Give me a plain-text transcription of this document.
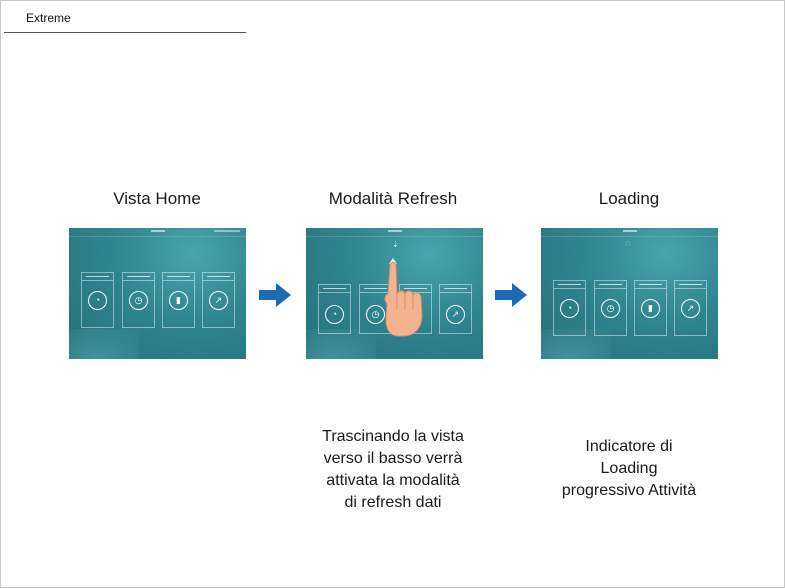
Extreme
Vista Home	Modalità Refresh	Loading
◔	◷	▮	↗
⇣
◔	◷	↗
◌
◔	◷	▮	↗
Trascinando la vista
verso il basso verrà
attivata la modalità
di refresh dati
Indicatore di
Loading
progressivo Attività
